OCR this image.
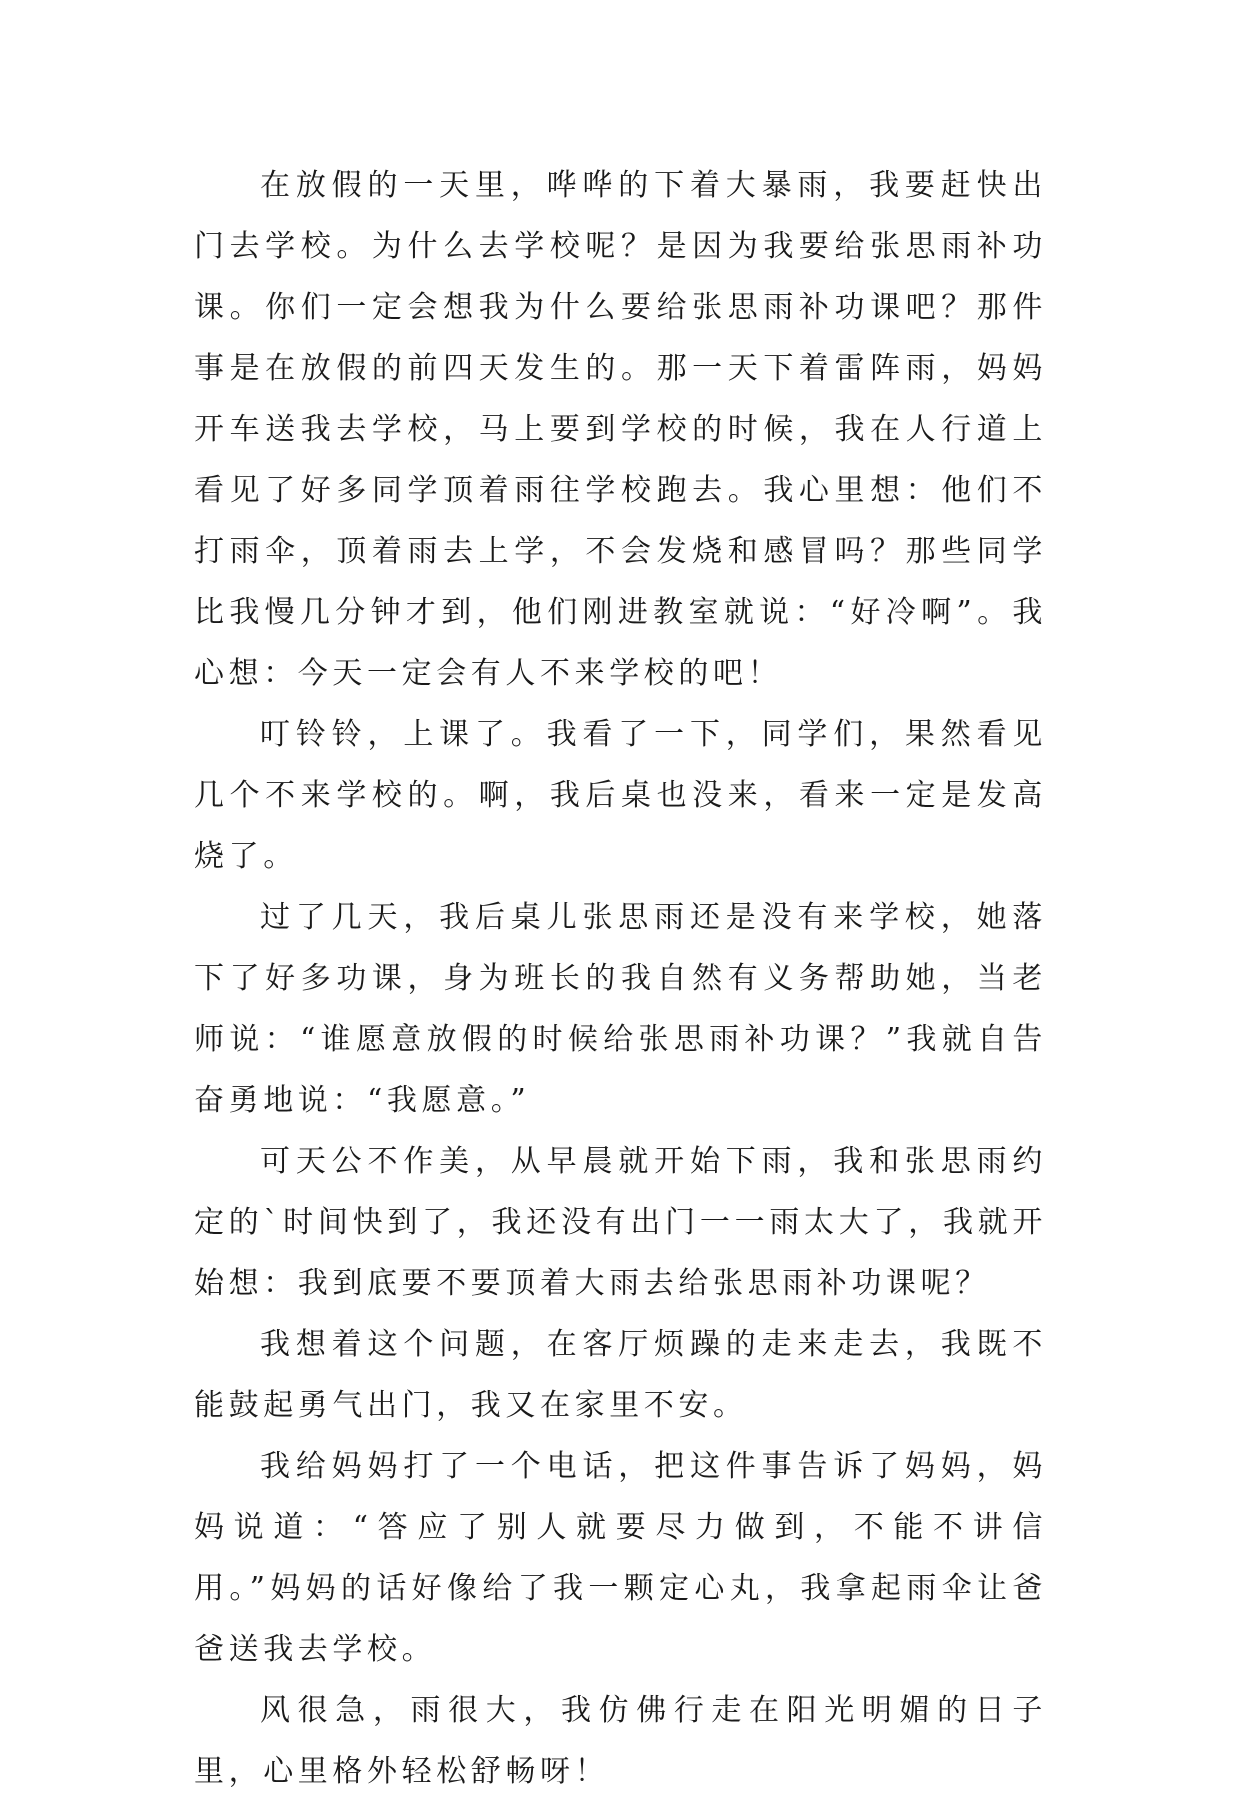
在放假的一天里，哗哗的下着大暴雨，我要赶快出门去学校。为什么去学校呢？是因为我要给张思雨补功课。你们一定会想我为什么要给张思雨补功课吧？那件事是在放假的前四天发生的。那一天下着雷阵雨，妈妈开车送我去学校，马上要到学校的时候，我在人行道上看见了好多同学顶着雨往学校跑去。我心里想：他们不打雨伞，顶着雨去上学，不会发烧和感冒吗？那些同学比我慢几分钟才到，他们刚进教室就说：“好冷啊”。我心想：今天一定会有人不来学校的吧！

叮铃铃，上课了。我看了一下，同学们，果然看见几个不来学校的。啊，我后桌也没来，看来一定是发高烧了。

过了几天，我后桌儿张思雨还是没有来学校，她落下了好多功课，身为班长的我自然有义务帮助她，当老师说：“谁愿意放假的时候给张思雨补功课？”我就自告奋勇地说：“我愿意。”

可天公不作美，从早晨就开始下雨，我和张思雨约定的`时间快到了，我还没有出门一一雨太大了，我就开始想：我到底要不要顶着大雨去给张思雨补功课呢？

我想着这个问题，在客厅烦躁的走来走去，我既不能鼓起勇气出门，我又在家里不安。

我给妈妈打了一个电话，把这件事告诉了妈妈，妈妈说道：“答应了别人就要尽力做到，不能不讲信用。”妈妈的话好像给了我一颗定心丸，我拿起雨伞让爸爸送我去学校。

风很急，雨很大，我仿佛行走在阳光明媚的日子里，心里格外轻松舒畅呀！
